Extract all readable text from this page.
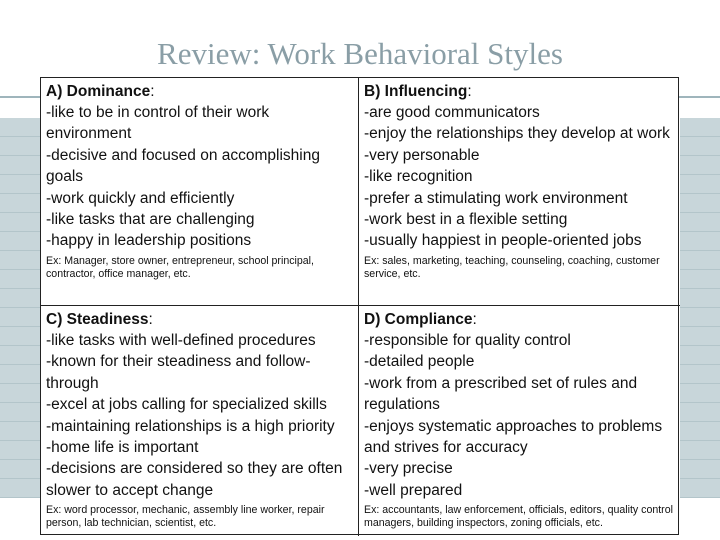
Review: Work Behavioral Styles

A) Dominance:

-like to be in control of their work environment
-decisive and focused on accomplishing goals
-work quickly and efficiently
-like tasks that are challenging
-happy in leadership positions
Ex: Manager, store owner, entrepreneur, school principal, contractor, office manager, etc.

B) Influencing:

-are good communicators
-enjoy the relationships they develop at work
-very personable
-like recognition
-prefer a stimulating work environment
-work best in a flexible setting
-usually happiest in people-oriented jobs
Ex: sales, marketing, teaching, counseling, coaching, customer service, etc.

C) Steadiness:

-like tasks with well-defined procedures
-known for their steadiness and follow-through
-excel at jobs calling for specialized skills
-maintaining relationships is a high priority
-home life is important
-decisions are considered so they are often slower to accept change
Ex: word processor, mechanic, assembly line worker, repair person, lab technician, scientist, etc.

D) Compliance:

-responsible for quality control
-detailed people
-work from a prescribed set of rules and regulations
-enjoys systematic approaches to problems and strives for accuracy
-very precise
-well prepared
Ex: accountants, law enforcement, officials, editors, quality control managers, building inspectors, zoning officials, etc.
